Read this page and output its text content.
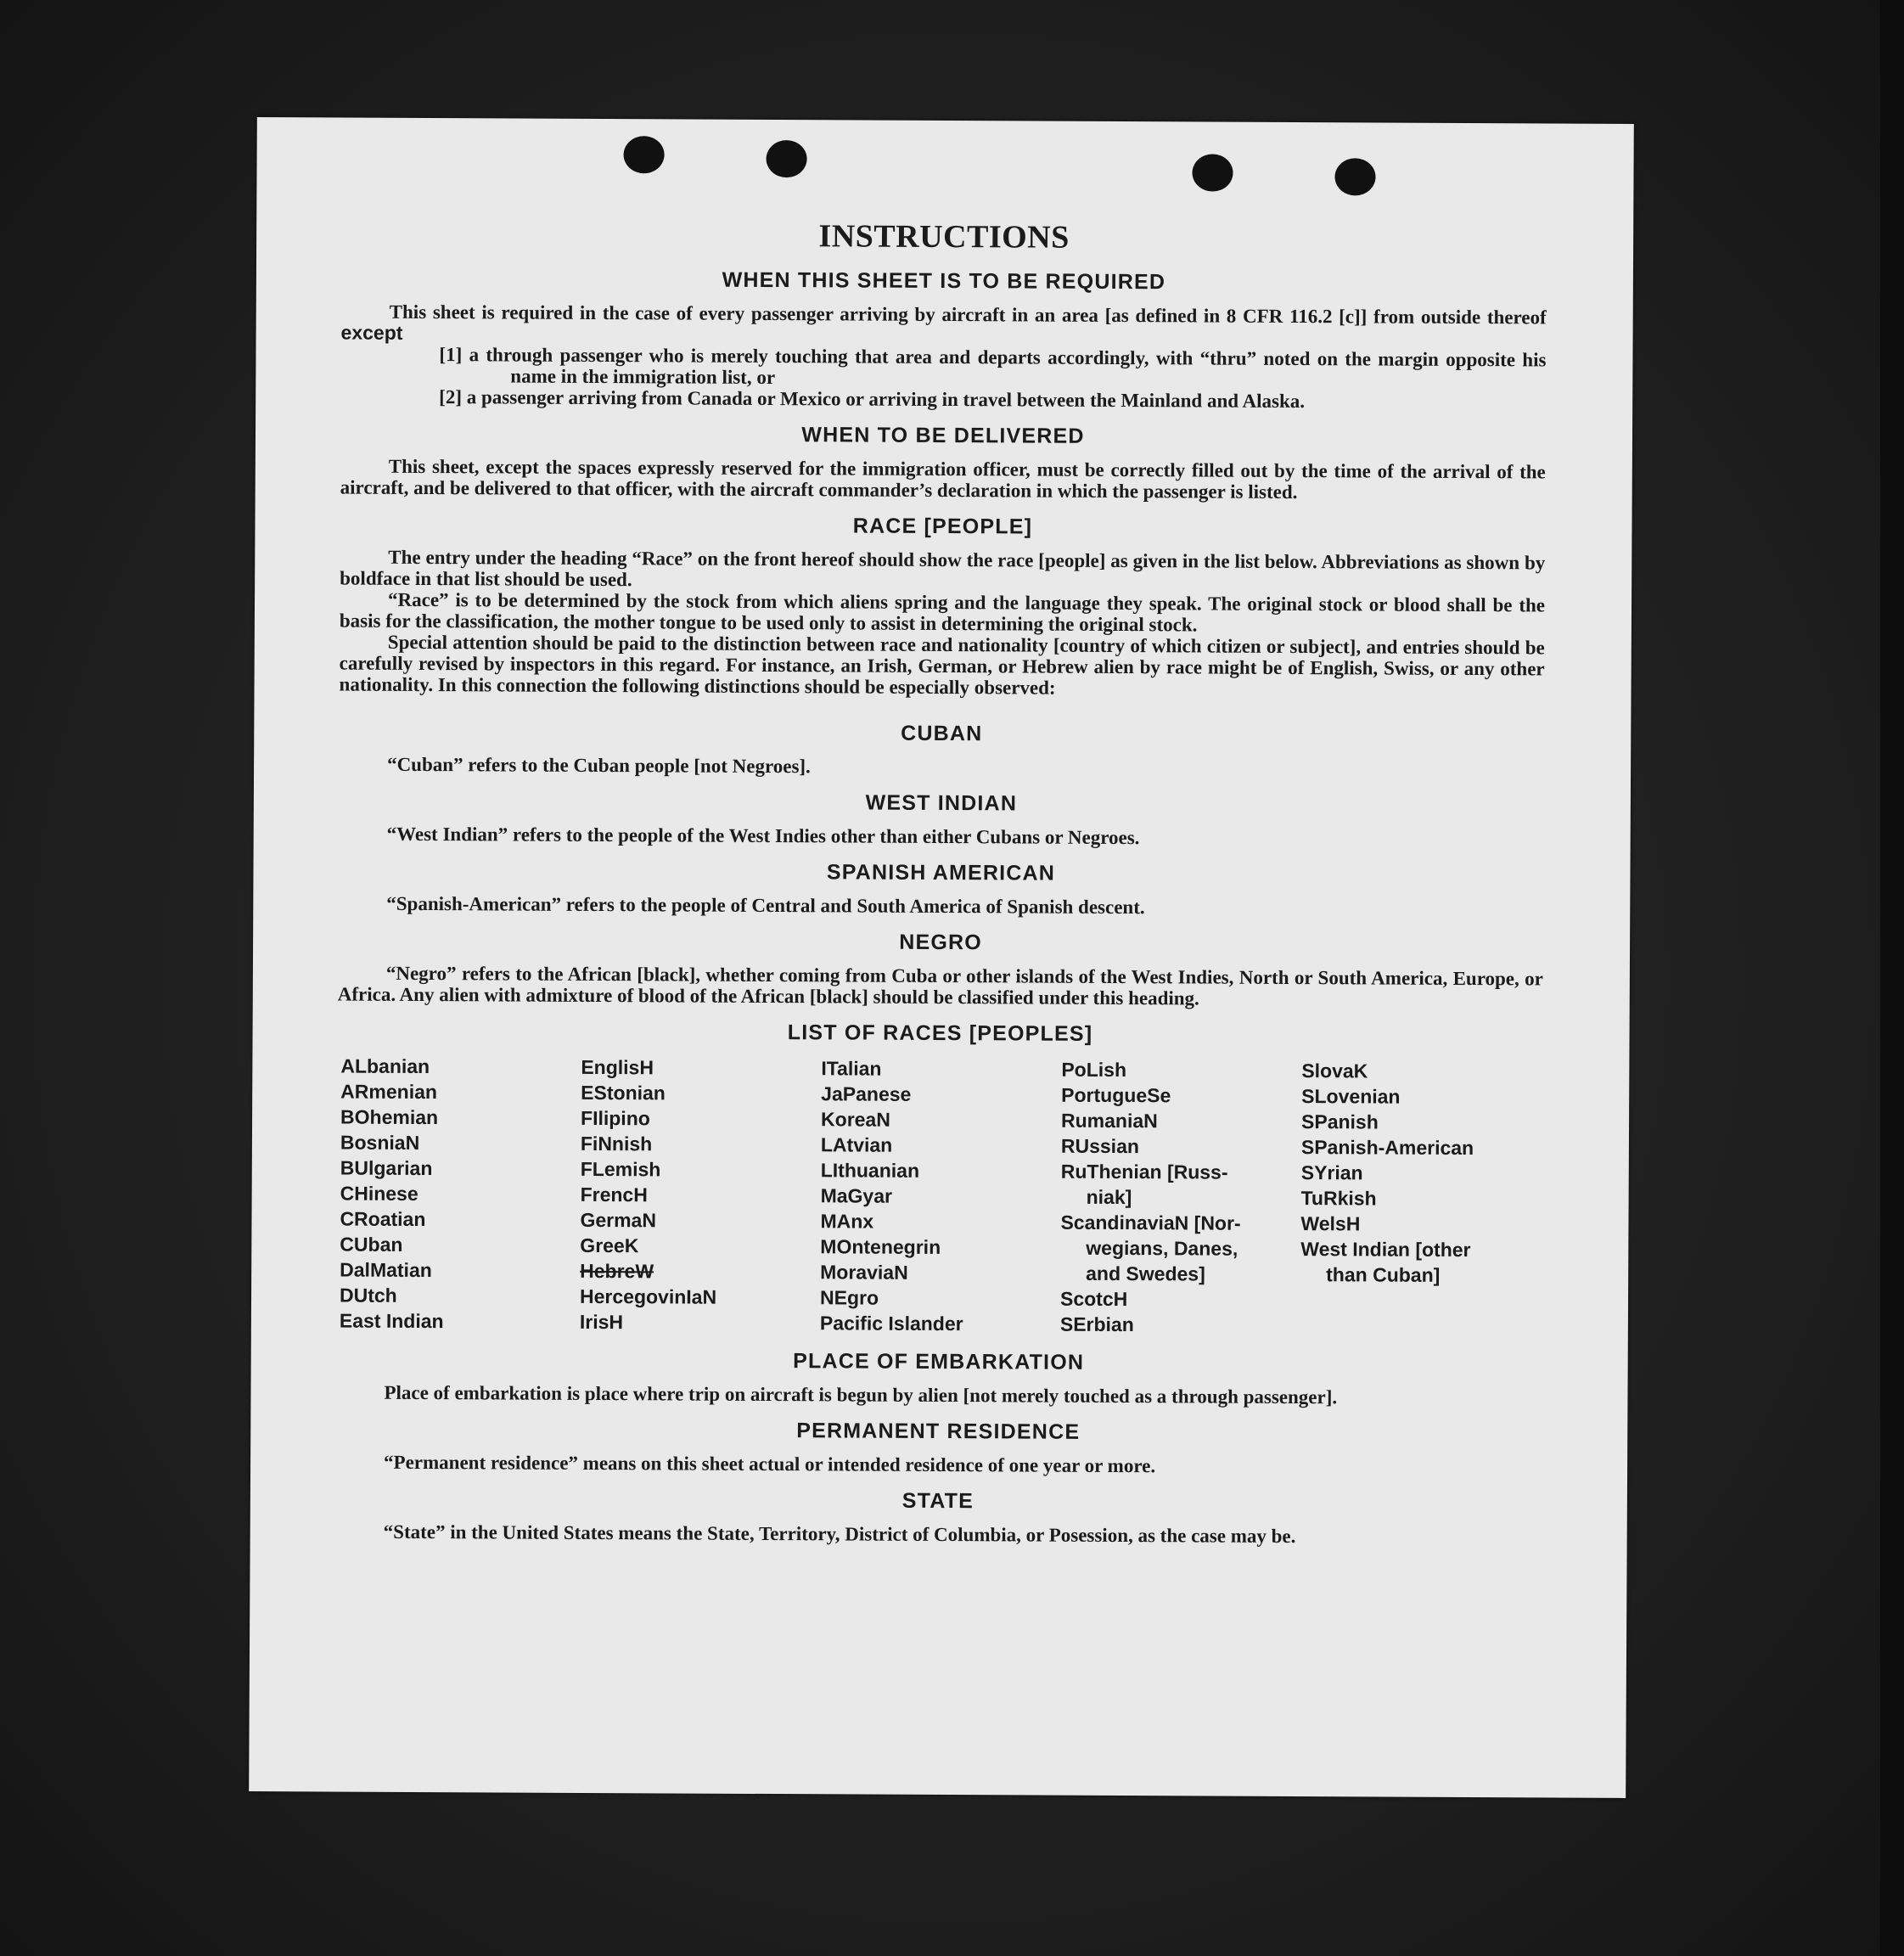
INSTRUCTIONS
WHEN THIS SHEET IS TO BE REQUIRED

This sheet is required in the case of every passenger arriving by aircraft in an area [as defined in 8 CFR 116.2 [c]] from outside thereof except

[1] a through passenger who is merely touching that area and departs accordingly, with “thru” noted on the margin opposite his name in the immigration list, or

[2] a passenger arriving from Canada or Mexico or arriving in travel between the Mainland and Alaska.

WHEN TO BE DELIVERED

This sheet, except the spaces expressly reserved for the immigration officer, must be correctly filled out by the time of the arrival of the aircraft, and be delivered to that officer, with the aircraft commander’s declaration in which the passenger is listed.

RACE [PEOPLE]

The entry under the heading “Race” on the front hereof should show the race [people] as given in the list below. Abbreviations as shown by boldface in that list should be used.

“Race” is to be determined by the stock from which aliens spring and the language they speak. The original stock or blood shall be the basis for the classification, the mother tongue to be used only to assist in determining the original stock.

Special attention should be paid to the distinction between race and nationality [country of which citizen or subject], and entries should be carefully revised by inspectors in this regard. For instance, an Irish, German, or Hebrew alien by race might be of English, Swiss, or any other nationality. In this connection the following distinctions should be especially observed:

CUBAN

“Cuban” refers to the Cuban people [not Negroes].

WEST INDIAN

“West Indian” refers to the people of the West Indies other than either Cubans or Negroes.

SPANISH AMERICAN

“Spanish-American” refers to the people of Central and South America of Spanish descent.

NEGRO

“Negro” refers to the African [black], whether coming from Cuba or other islands of the West Indies, North or South America, Europe, or Africa. Any alien with admixture of blood of the African [black] should be classified under this heading.

LIST OF RACES [PEOPLES]
ALbanian
ARmenian
BOhemian
BosniaN
BUlgarian
CHinese
CRoatian
CUban
DalMatian
DUtch
East Indian
EnglisH
EStonian
FIlipino
FiNnish
FLemish
FrencH
GermaN
GreeK
HebreW
HercegovinIaN
IrisH
ITalian
JaPanese
KoreaN
LAtvian
LIthuanian
MaGyar
MAnx
MOntenegrin
MoraviaN
NEgro
Pacific Islander
PoLish
PortugueSe
RumaniaN
RUssian
RuThenian [Russ-
niak]
ScandinaviaN [Nor-
wegians, Danes,
and Swedes]
ScotcH
SErbian
SlovaK
SLovenian
SPanish
SPanish-American
SYrian
TuRkish
WelsH
West Indian [other
than Cuban]
PLACE OF EMBARKATION

Place of embarkation is place where trip on aircraft is begun by alien [not merely touched as a through passenger].

PERMANENT RESIDENCE

“Permanent residence” means on this sheet actual or intended residence of one year or more.

STATE

“State” in the United States means the State, Territory, District of Columbia, or Posession, as the case may be.
